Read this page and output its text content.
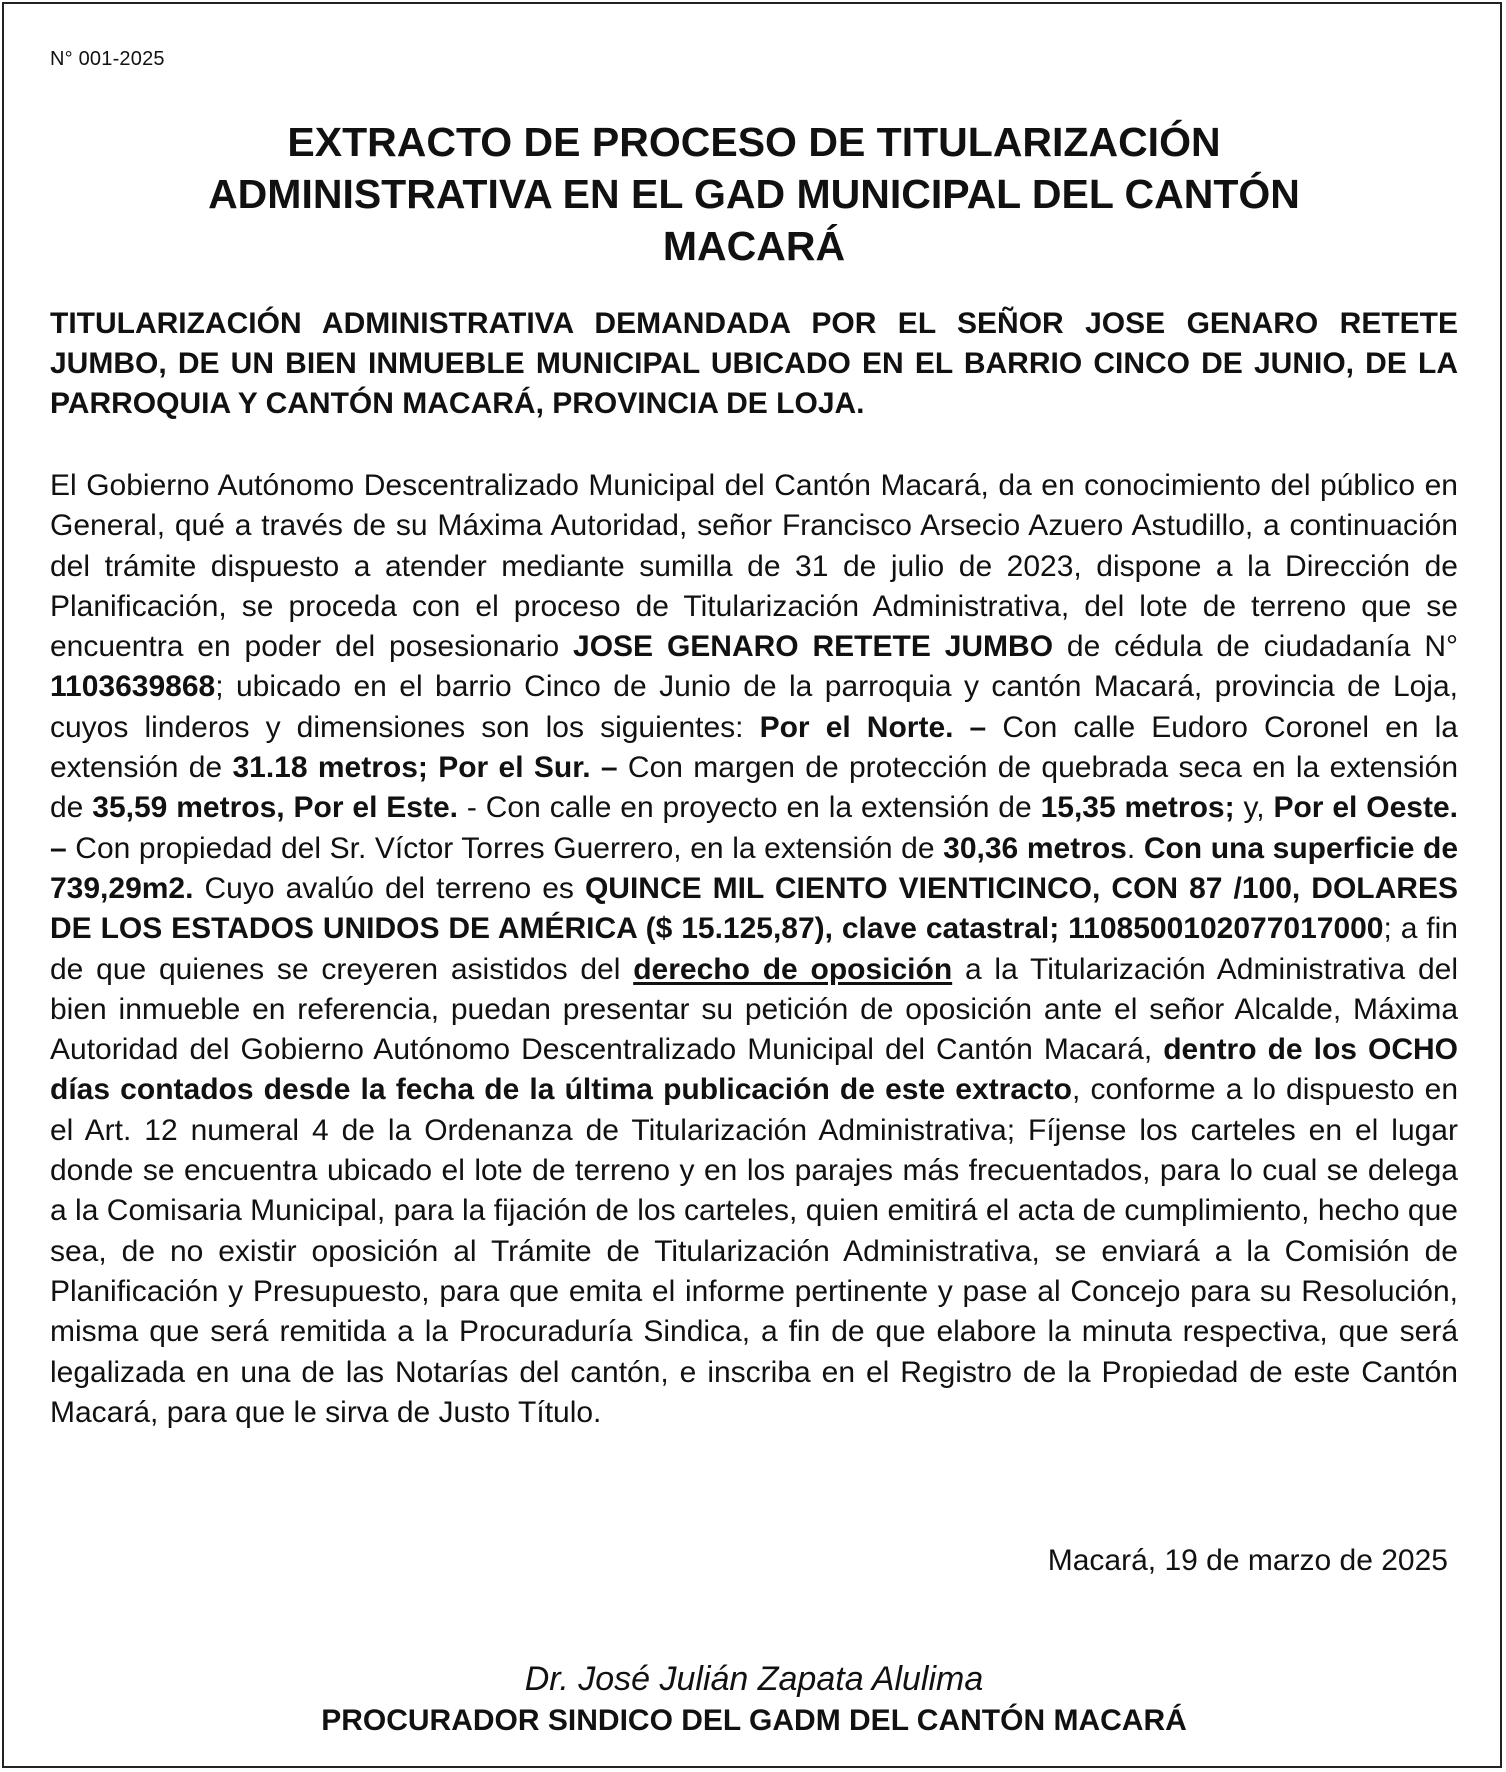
N° 001-2025
EXTRACTO DE PROCESO DE TITULARIZACIÓN
ADMINISTRATIVA EN EL GAD MUNICIPAL DEL CANTÓN
MACARÁ
TITULARIZACIÓN ADMINISTRATIVA DEMANDADA POR EL SEÑOR JOSE GENARO RETETE JUMBO, DE UN BIEN INMUEBLE MUNICIPAL UBICADO EN EL BARRIO CINCO DE JUNIO, DE LA PARROQUIA Y CANTÓN MACARÁ, PROVINCIA DE LOJA.
El Gobierno Autónomo Descentralizado Municipal del Cantón Macará, da en conocimiento del público en General, qué a través de su Máxima Autoridad, señor Francisco Arsecio Azuero Astudillo, a continuación del trámite dispuesto a atender mediante sumilla de 31 de julio de 2023, dispone a la Dirección de Planificación, se proceda con el proceso de Titularización Administrativa, del lote de terreno que se encuentra en poder del posesionario JOSE GENARO RETETE JUMBO de cédula de ciudadanía N° 1103639868; ubicado en el barrio Cinco de Junio de la parroquia y cantón Macará, provincia de Loja, cuyos linderos y dimensiones son los siguientes: Por el Norte. – Con calle Eudoro Coronel en la extensión de 31.18 metros; Por el Sur. – Con margen de protección de quebrada seca en la extensión de 35,59 metros, Por el Este. - Con calle en proyecto en la extensión de 15,35 metros; y, Por el Oeste. – Con propiedad del Sr. Víctor Torres Guerrero, en la extensión de 30,36 metros. Con una superficie de 739,29m2. Cuyo avalúo del terreno es QUINCE MIL CIENTO VIENTICINCO, CON 87 /100, DOLARES DE LOS ESTADOS UNIDOS DE AMÉRICA ($ 15.125,87), clave catastral; 1108500102077017000; a fin de que quienes se creyeren asistidos del derecho de oposición a la Titularización Administrativa del bien inmueble en referencia, puedan presentar su petición de oposición ante el señor Alcalde, Máxima Autoridad del Gobierno Autónomo Descentralizado Municipal del Cantón Macará, dentro de los OCHO días contados desde la fecha de la última publicación de este extracto, conforme a lo dispuesto en el Art. 12 numeral 4 de la Ordenanza de Titularización Administrativa; Fíjense los carteles en el lugar donde se encuentra ubicado el lote de terreno y en los parajes más frecuentados, para lo cual se delega a la Comisaria Municipal, para la fijación de los carteles, quien emitirá el acta de cumplimiento, hecho que sea, de no existir oposición al Trámite de Titularización Administrativa, se enviará a la Comisión de Planificación y Presupuesto, para que emita el informe pertinente y pase al Concejo para su Resolución, misma que será remitida a la Procuraduría Sindica, a fin de que elabore la minuta respectiva, que será legalizada en una de las Notarías del cantón, e inscriba en el Registro de la Propiedad de este Cantón Macará, para que le sirva de Justo Título.
Macará, 19 de marzo de 2025
Dr. José Julián Zapata Alulima
PROCURADOR SINDICO DEL GADM DEL CANTÓN MACARÁ
